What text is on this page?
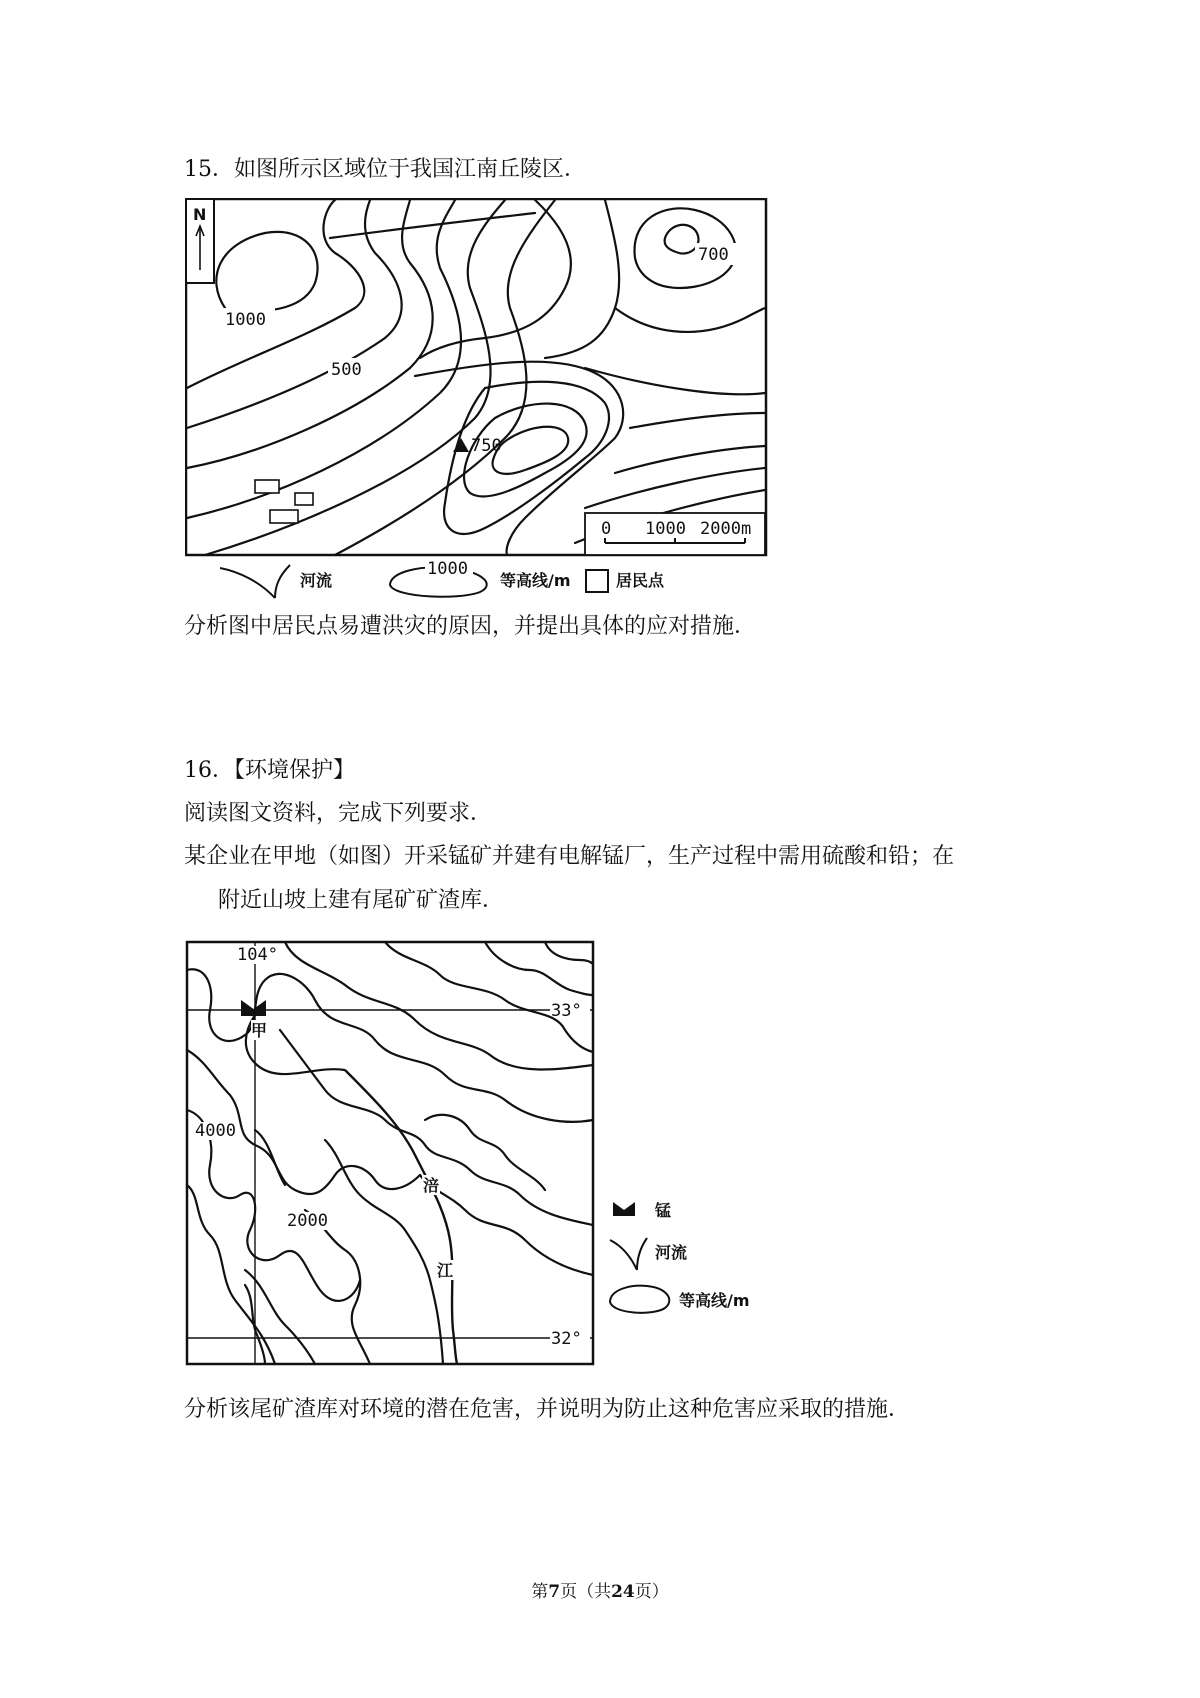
15．如图所示区域位于我国江南丘陵区．
N
1000
500
700
750
0 1000 2000m
河流
1000
等高线/m	居民点
分析图中居民点易遭洪灾的原因，并提出具体的应对措施．
16．【环境保护】
阅读图文资料，完成下列要求．
某企业在甲地（如图）开采锰矿并建有电解锰厂，生产过程中需用硫酸和铅；在
附近山坡上建有尾矿矿渣库．
104°
33°
32°
甲
4000
2000
涪
江
锰
河流
等高线/m
分析该尾矿渣库对环境的潜在危害，并说明为防止这种危害应采取的措施．
第7页（共24页）
